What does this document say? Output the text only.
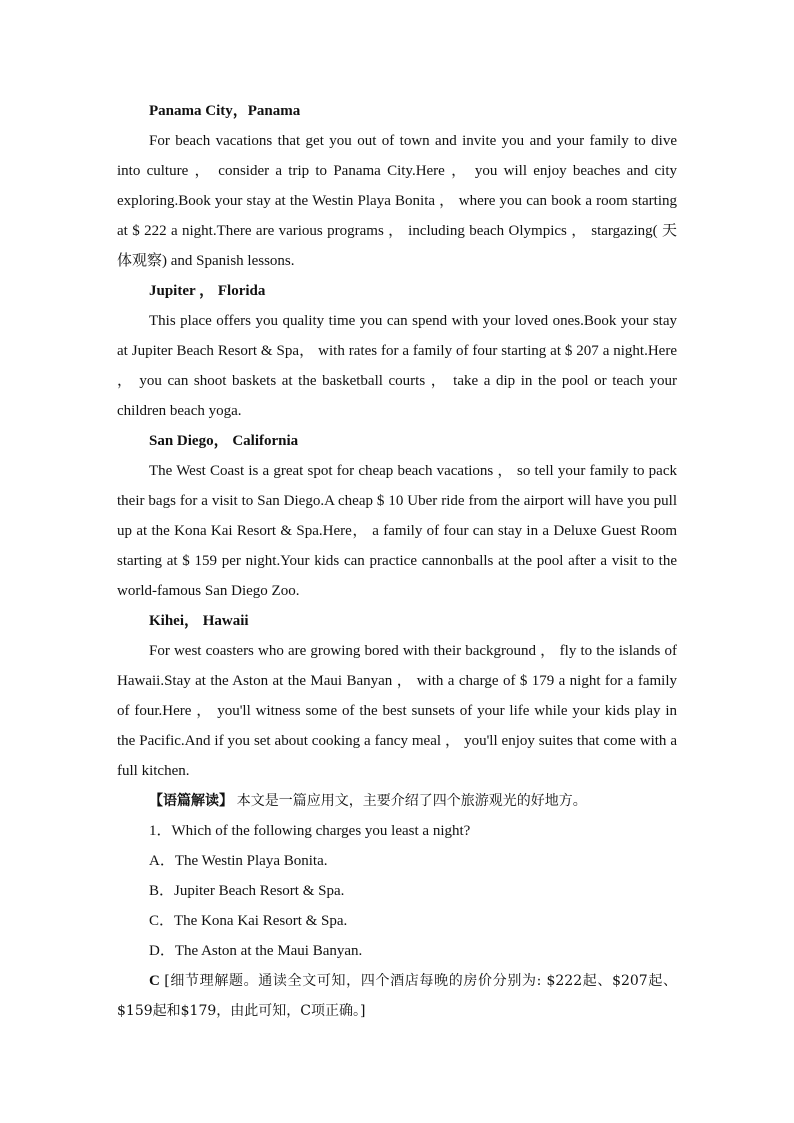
Panama City，Panama

For beach vacations that get you out of town and invite you and your family to dive into culture ， consider a trip to Panama City.Here ， you will enjoy beaches and city exploring.Book your stay at the Westin Playa Bonita ， where you can book a room starting at $ 222 a night.There are various programs ， including beach Olympics ， stargazing( 天体观察) and Spanish lessons.

Jupiter ， Florida

This place offers you quality time you can spend with your loved ones.Book your stay at Jupiter Beach Resort & Spa， with rates for a family of four starting at $ 207 a night.Here ， you can shoot baskets at the basketball courts ， take a dip in the pool or teach your children beach yoga.

San Diego， California

The West Coast is a great spot for cheap beach vacations ， so tell your family to pack their bags for a visit to San Diego.A cheap $ 10 Uber ride from the airport will have you pull up at the Kona Kai Resort & Spa.Here， a family of four can stay in a Deluxe Guest Room starting at $ 159 per night.Your kids can practice cannonballs at the pool after a visit to the world-famous San Diego Zoo.

Kihei， Hawaii

For west coasters who are growing bored with their background ， fly to the islands of Hawaii.Stay at the Aston at the Maui Banyan ， with a charge of $ 179 a night for a family of four.Here ， you'll witness some of the best sunsets of your life while your kids play in the Pacific.And if you set about cooking a fancy meal ， you'll enjoy suites that come with a full kitchen.

【语篇解读】 本文是一篇应用文，主要介绍了四个旅游观光的好地方。

1．Which of the following charges you least a night?

A．The Westin Playa Bonita.

B．Jupiter Beach Resort & Spa.

C．The Kona Kai Resort & Spa.

D．The Aston at the Maui Banyan.

C [细节理解题。通读全文可知，四个酒店每晚的房价分别为: $222起、$207起、$159起和$179，由此可知，C项正确。]
